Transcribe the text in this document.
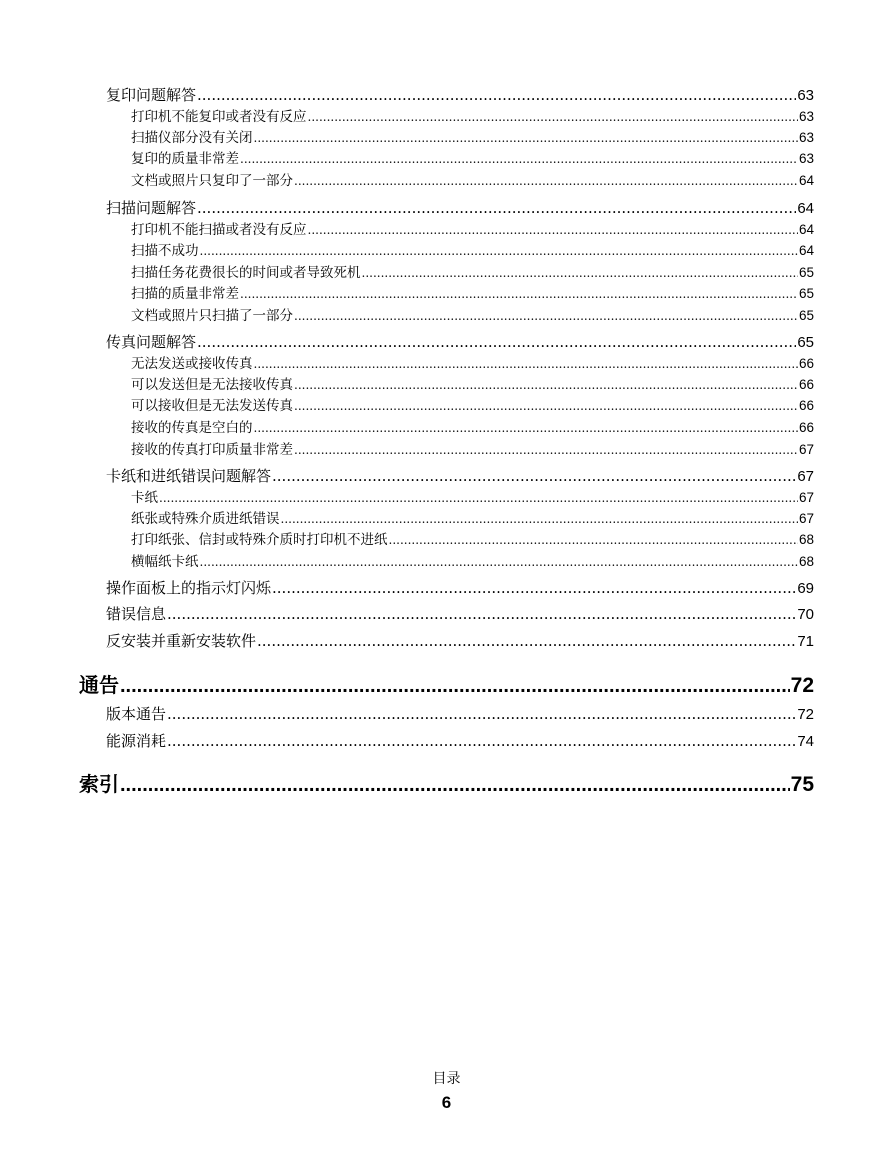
复印问题解答 .....	63
打印机不能复印或者没有反应 .....	63
扫描仪部分没有关闭 .....	63
复印的质量非常差 .....	63
文档或照片只复印了一部分 .....	64
扫描问题解答 .....	64
打印机不能扫描或者没有反应 .....	64
扫描不成功 .....	64
扫描任务花费很长的时间或者导致死机 .....	65
扫描的质量非常差 .....	65
文档或照片只扫描了一部分 .....	65
传真问题解答 .....	65
无法发送或接收传真 .....	66
可以发送但是无法接收传真 .....	66
可以接收但是无法发送传真 .....	66
接收的传真是空白的 .....	66
接收的传真打印质量非常差 .....	67
卡纸和进纸错误问题解答 .....	67
卡纸 .....	67
纸张或特殊介质进纸错误 .....	67
打印纸张、信封或特殊介质时打印机不进纸 .....	68
横幅纸卡纸 .....	68
操作面板上的指示灯闪烁 .....	69
错误信息 .....	70
反安装并重新安装软件 .....	71
通告 .....	72
版本通告 .....	72
能源消耗 .....	74
索引 .....	75
目录
6
